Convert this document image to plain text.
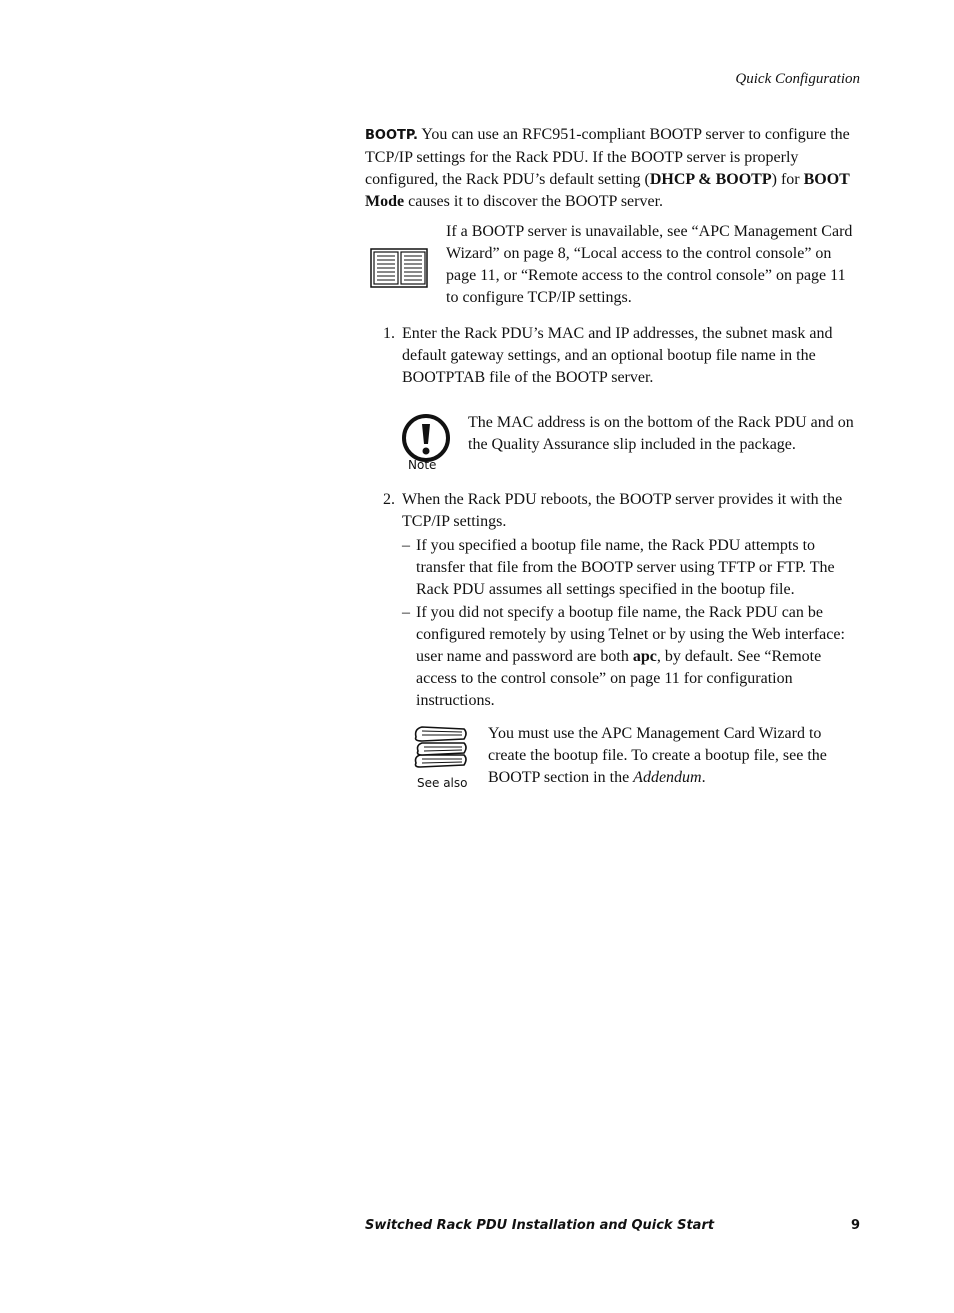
Quick Configuration

BOOTP. You can use an RFC951-compliant BOOTP server to configure the TCP/IP settings for the Rack PDU. If the BOOTP server is properly configured, the Rack PDU’s default setting (DHCP & BOOTP) for BOOT Mode causes it to discover the BOOTP server.

If a BOOTP server is unavailable, see “APC Management Card Wizard” on page 8, “Local access to the control console” on page 11, or “Remote access to the control console” on page 11 to configure TCP/IP settings.

1. Enter the Rack PDU’s MAC and IP addresses, the subnet mask and default gateway settings, and an optional bootup file name in the BOOTPTAB file of the BOOTP server.

Note

The MAC address is on the bottom of the Rack PDU and on the Quality Assurance slip included in the package.

2. When the Rack PDU reboots, the BOOTP server provides it with the TCP/IP settings.

– If you specified a bootup file name, the Rack PDU attempts to transfer that file from the BOOTP server using TFTP or FTP. The Rack PDU assumes all settings specified in the bootup file.

– If you did not specify a bootup file name, the Rack PDU can be configured remotely by using Telnet or by using the Web interface: user name and password are both apc, by default. See “Remote access to the control console” on page 11 for configuration instructions.

See also

You must use the APC Management Card Wizard to create the bootup file. To create a bootup file, see the BOOTP section in the Addendum.

Switched Rack PDU Installation and Quick Start	9
